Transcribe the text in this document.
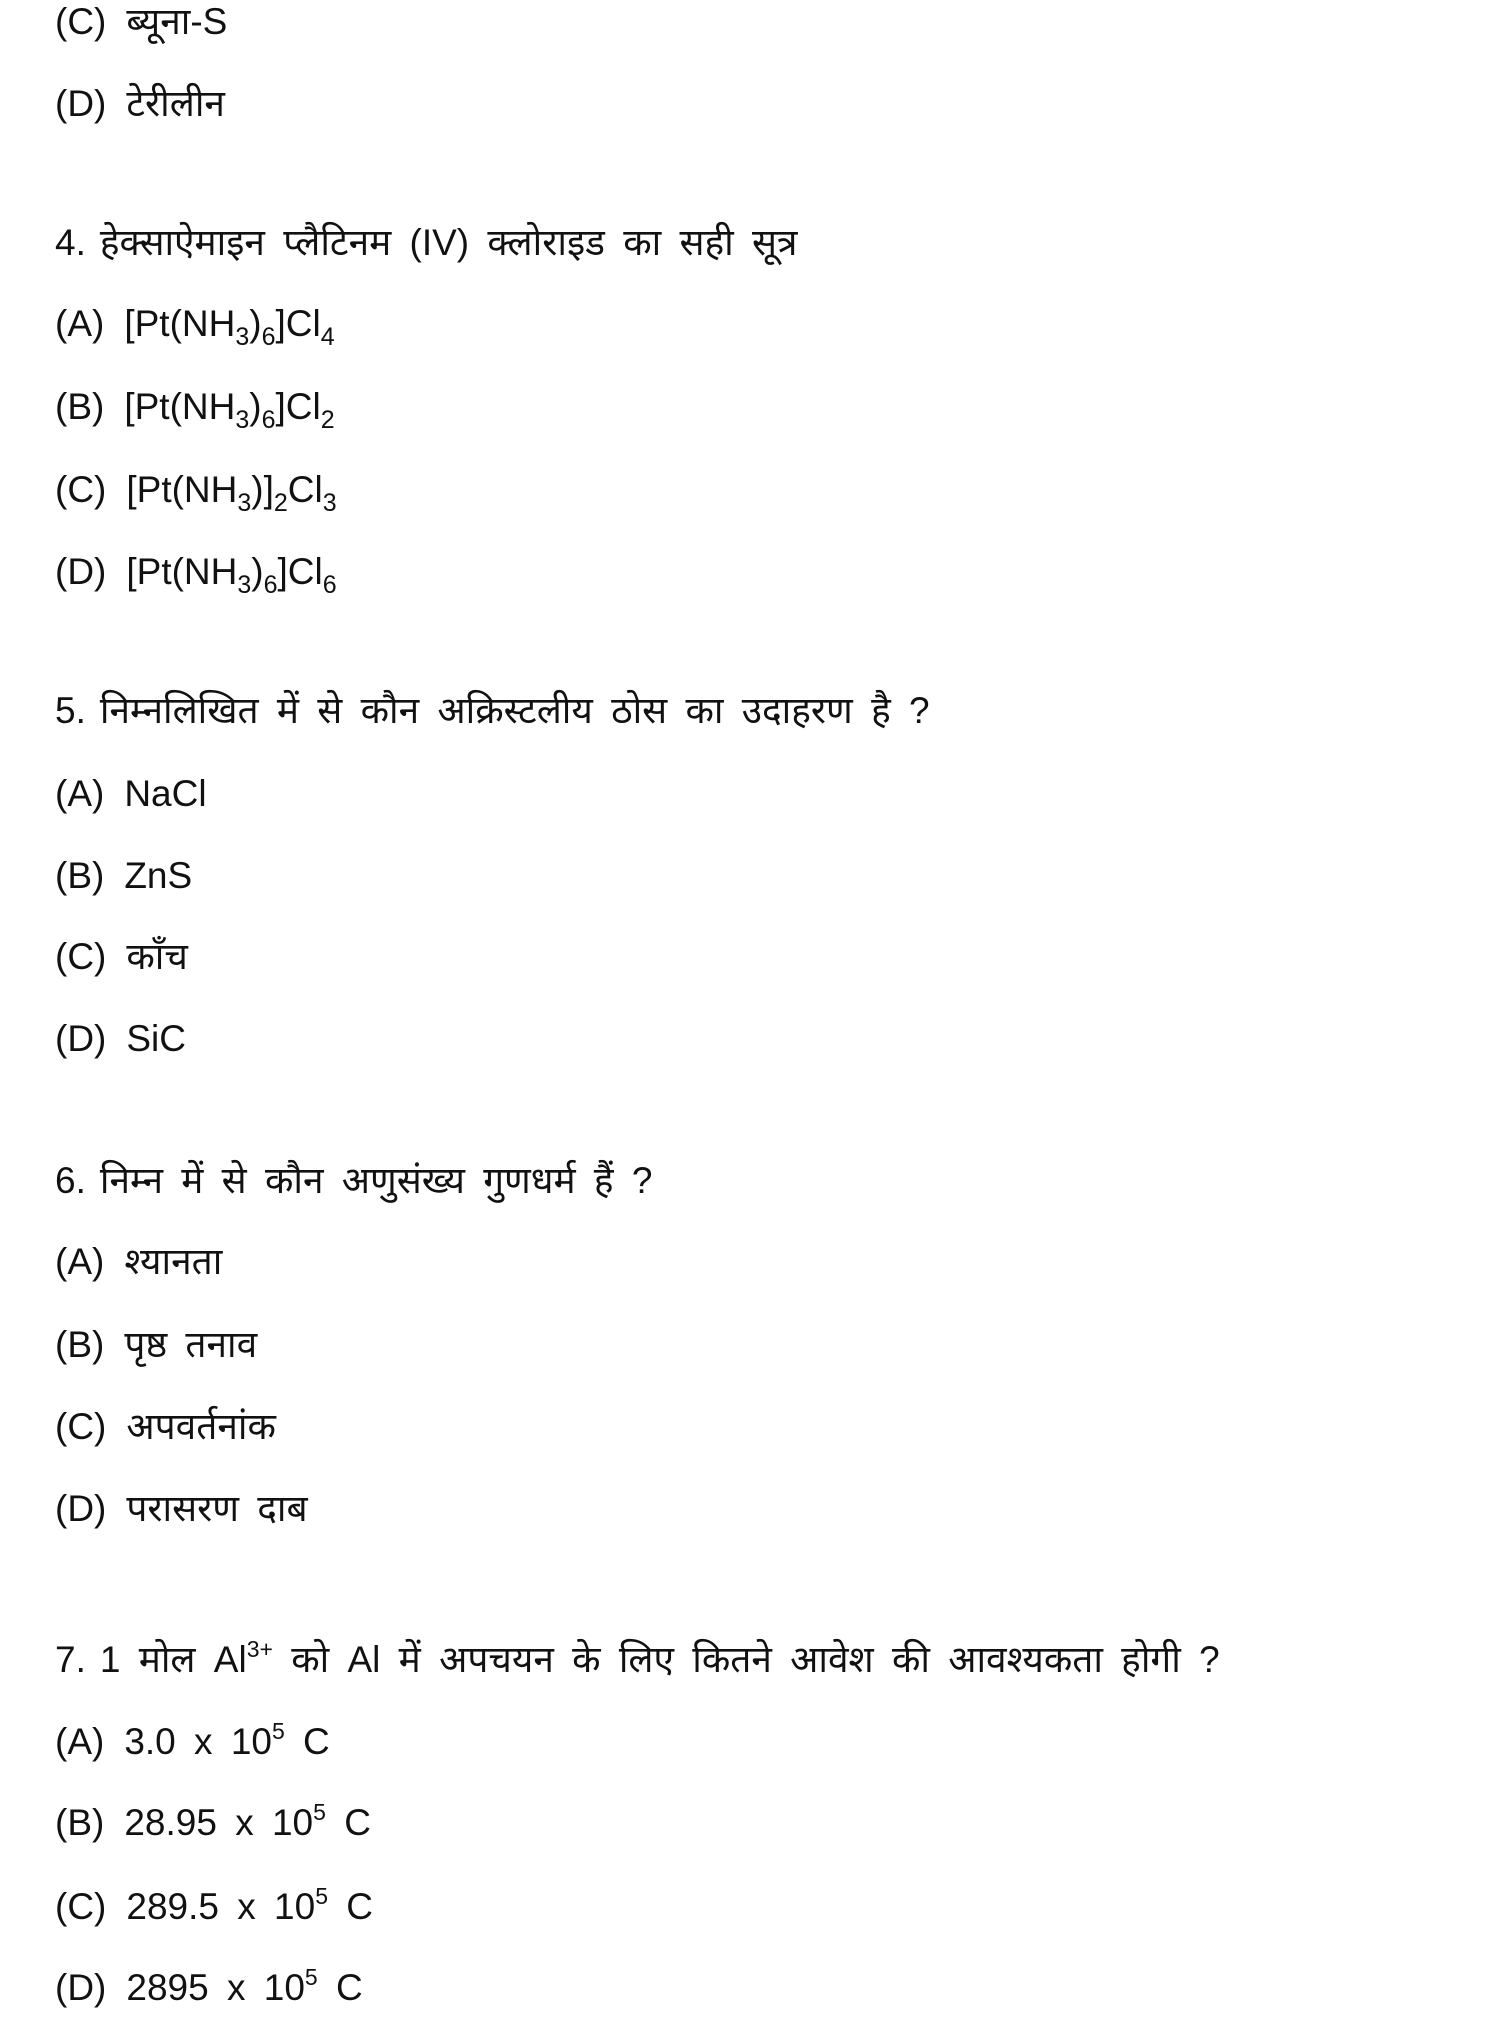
(C) ब्यूना-S
(D) टेरीलीन
4. हेक्साऐमाइन प्लैटिनम (IV) क्लोराइड का सही सूत्र
(A) $[Pt(NH_3)_6]Cl_4$
(B) $[Pt(NH_3)_6]Cl_2$
(C) $[Pt(NH_3)]_2Cl_3$
(D) $[Pt(NH_3)_6]Cl_6$
5. निम्नलिखित में से कौन अक्रिस्टलीय ठोस का उदाहरण है ?
(A) NaCl
(B) ZnS
(C) काँच
(D) SiC
6. निम्न में से कौन अणुसंख्य गुणधर्म हैं ?
(A) श्यानता
(B) पृष्ठ तनाव
(C) अपवर्तनांक
(D) परासरण दाब
7. 1 मोल $Al^{3+}$ को Al में अपचयन के लिए कितने आवेश की आवश्यकता होगी ?
(A) 3.0 x $10^5$ C
(B) 28.95 x $10^5$ C
(C) 289.5 x $10^5$ C
(D) 2895 x $10^5$ C
